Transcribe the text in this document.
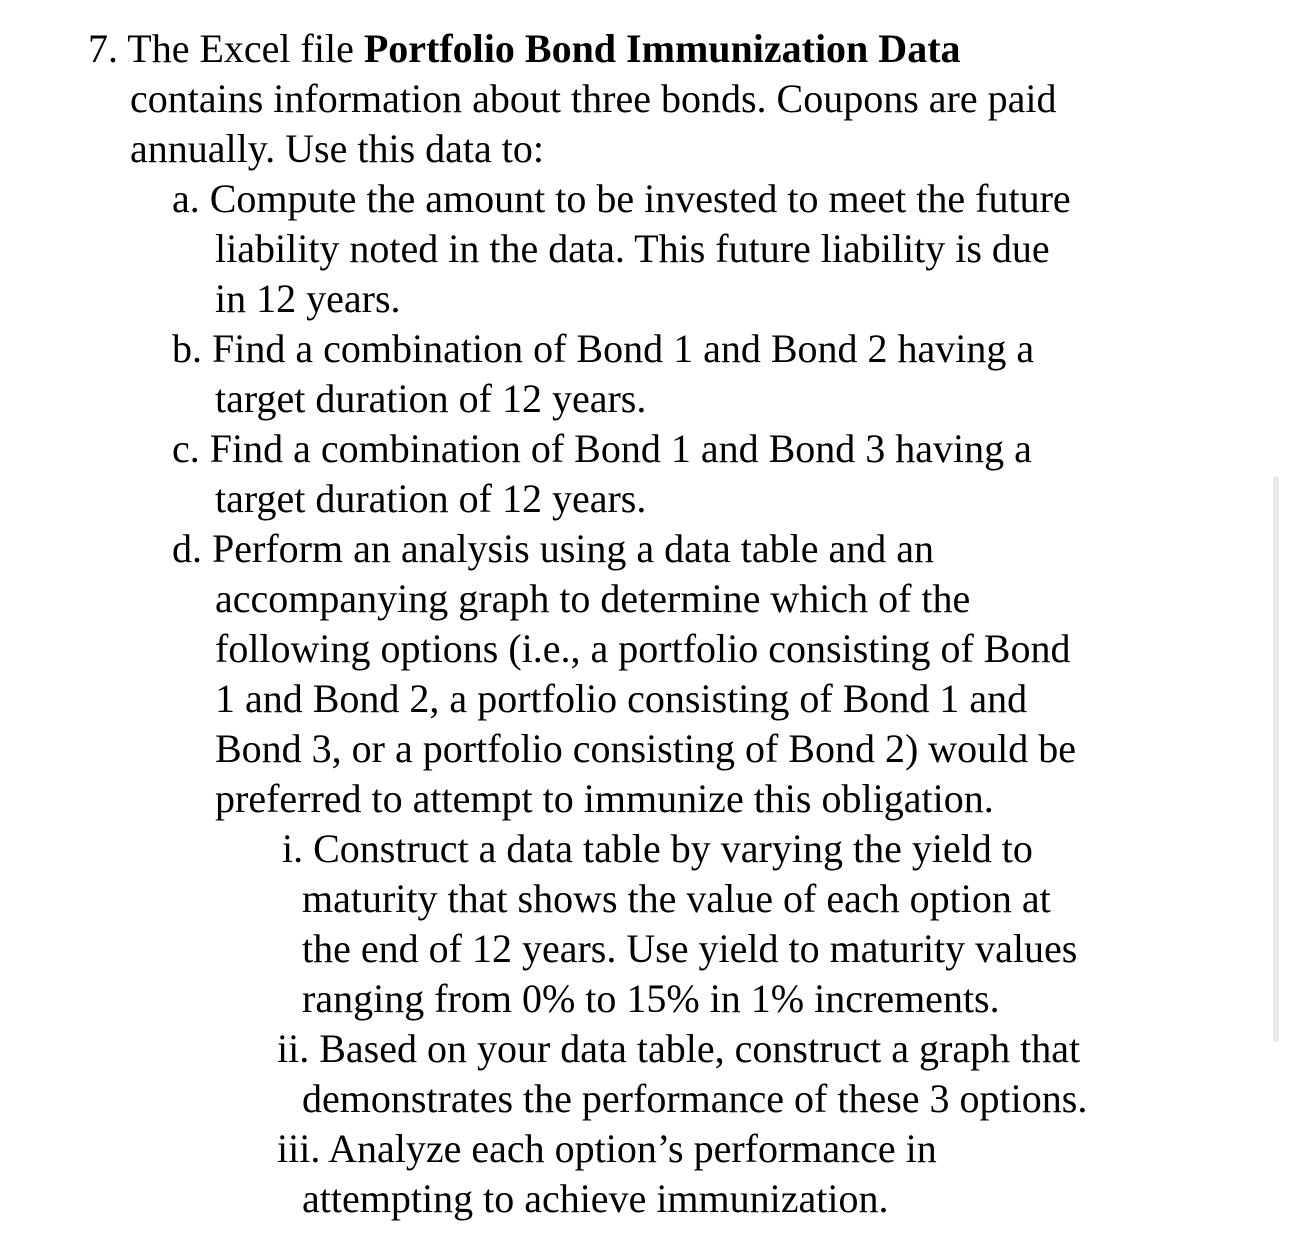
7. The Excel file Portfolio Bond Immunization Data
contains information about three bonds. Coupons are paid
annually. Use this data to:
a. Compute the amount to be invested to meet the future
liability noted in the data. This future liability is due
in 12 years.
b. Find a combination of Bond 1 and Bond 2 having a
target duration of 12 years.
c. Find a combination of Bond 1 and Bond 3 having a
target duration of 12 years.
d. Perform an analysis using a data table and an
accompanying graph to determine which of the
following options (i.e., a portfolio consisting of Bond
1 and Bond 2, a portfolio consisting of Bond 1 and
Bond 3, or a portfolio consisting of Bond 2) would be
preferred to attempt to immunize this obligation.
i. Construct a data table by varying the yield to
maturity that shows the value of each option at
the end of 12 years. Use yield to maturity values
ranging from 0% to 15% in 1% increments.
ii. Based on your data table, construct a graph that
demonstrates the performance of these 3 options.
iii. Analyze each option’s performance in
attempting to achieve immunization.
